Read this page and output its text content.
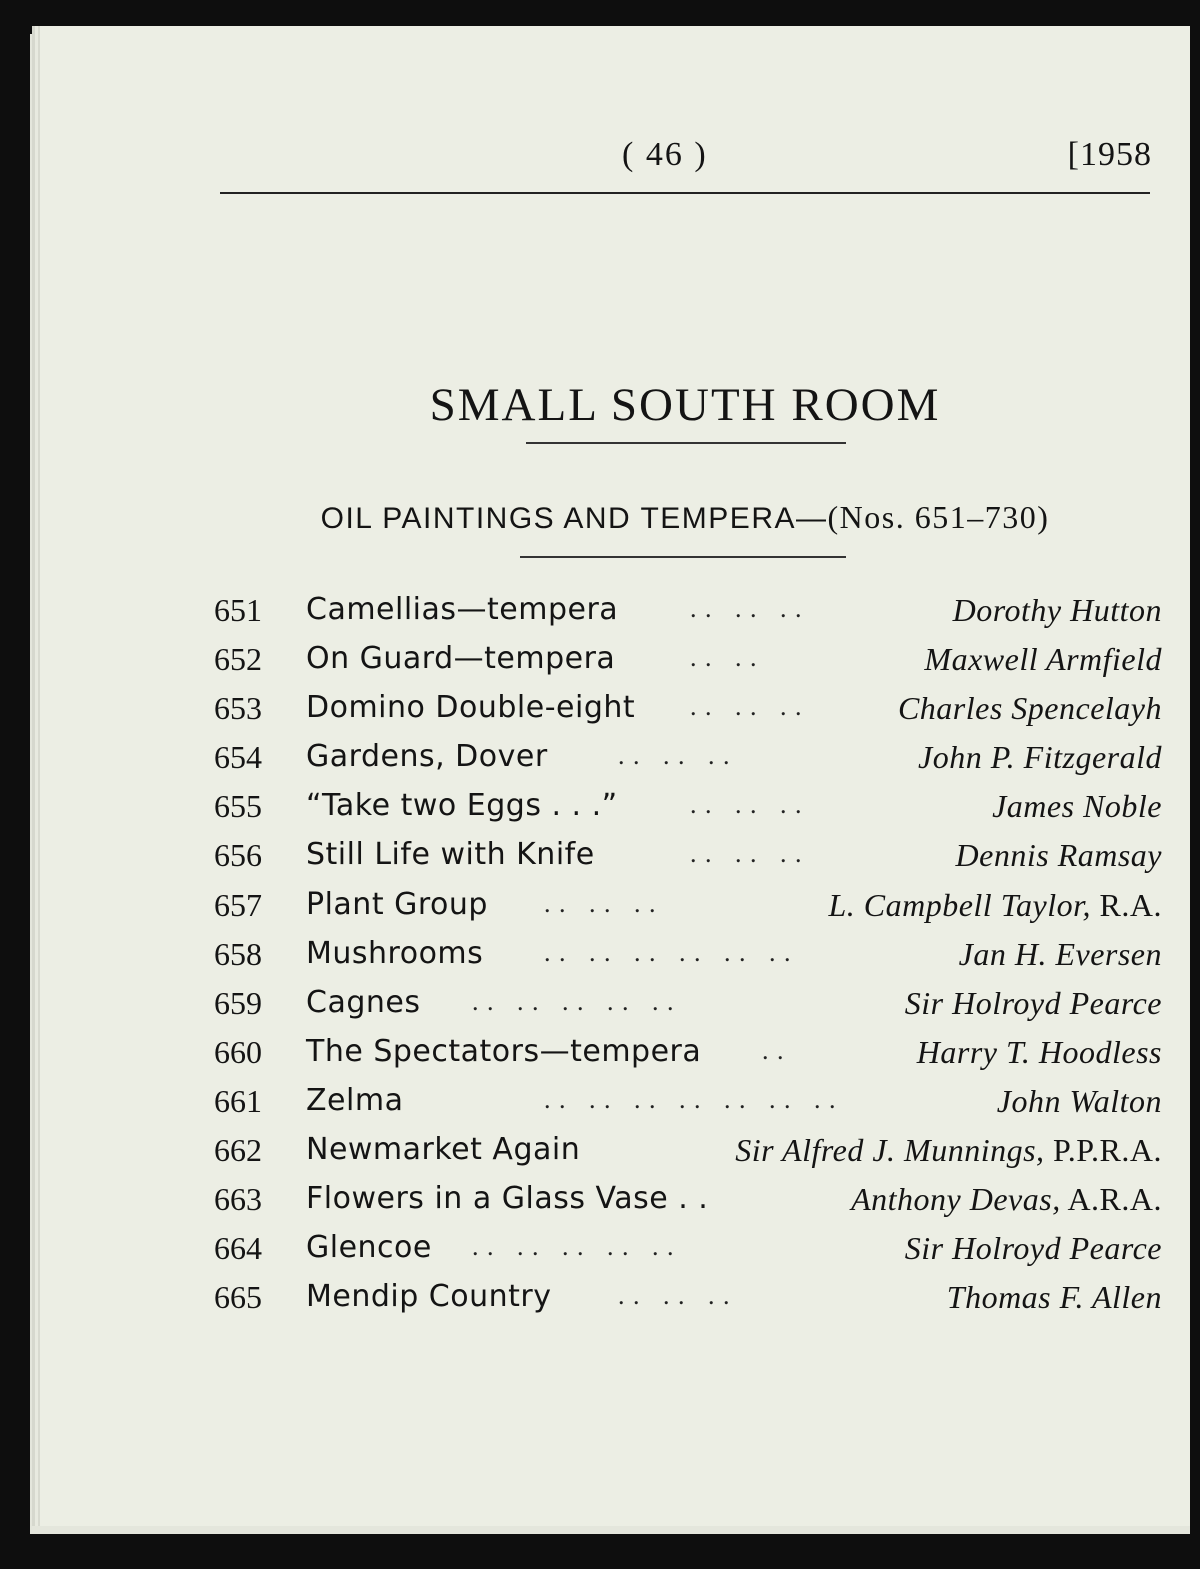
( 46 )	[1958
SMALL SOUTH ROOM
OIL PAINTINGS AND TEMPERA—(Nos. 651–730)
651 Camellias—tempera	. .   . .   . .	Dorothy Hutton
652 On Guard—tempera	. .   . .	Maxwell Armfield
653 Domino Double-eight . .   . .   . .	Charles Spencelayh
654 Gardens, Dover	. .   . .   . .	John P. Fitzgerald
655 “Take two Eggs . . .”	. .   . .   . .	James Noble
656 Still Life with Knife	. .   . .   . .	Dennis Ramsay
657 Plant Group . .   . .   . .	L. Campbell Taylor, R.A.
658 Mushrooms . .   . .   . .   . .   . .   . .	Jan H. Eversen
659 Cagnes . .   . .   . .   . .   . .	Sir Holroyd Pearce
660 The Spectators—tempera . .	Harry T. Hoodless
661 Zelma	. .   . .   . .   . .   . .   . .   . .	John Walton
662 Newmarket Again	Sir Alfred J. Munnings, P.P.R.A.
663 Flowers in a Glass Vase . .	Anthony Devas, A.R.A.
664 Glencoe . .   . .   . .   . .   . .	Sir Holroyd Pearce
665 Mendip Country	. .   . .   . .	Thomas F. Allen
